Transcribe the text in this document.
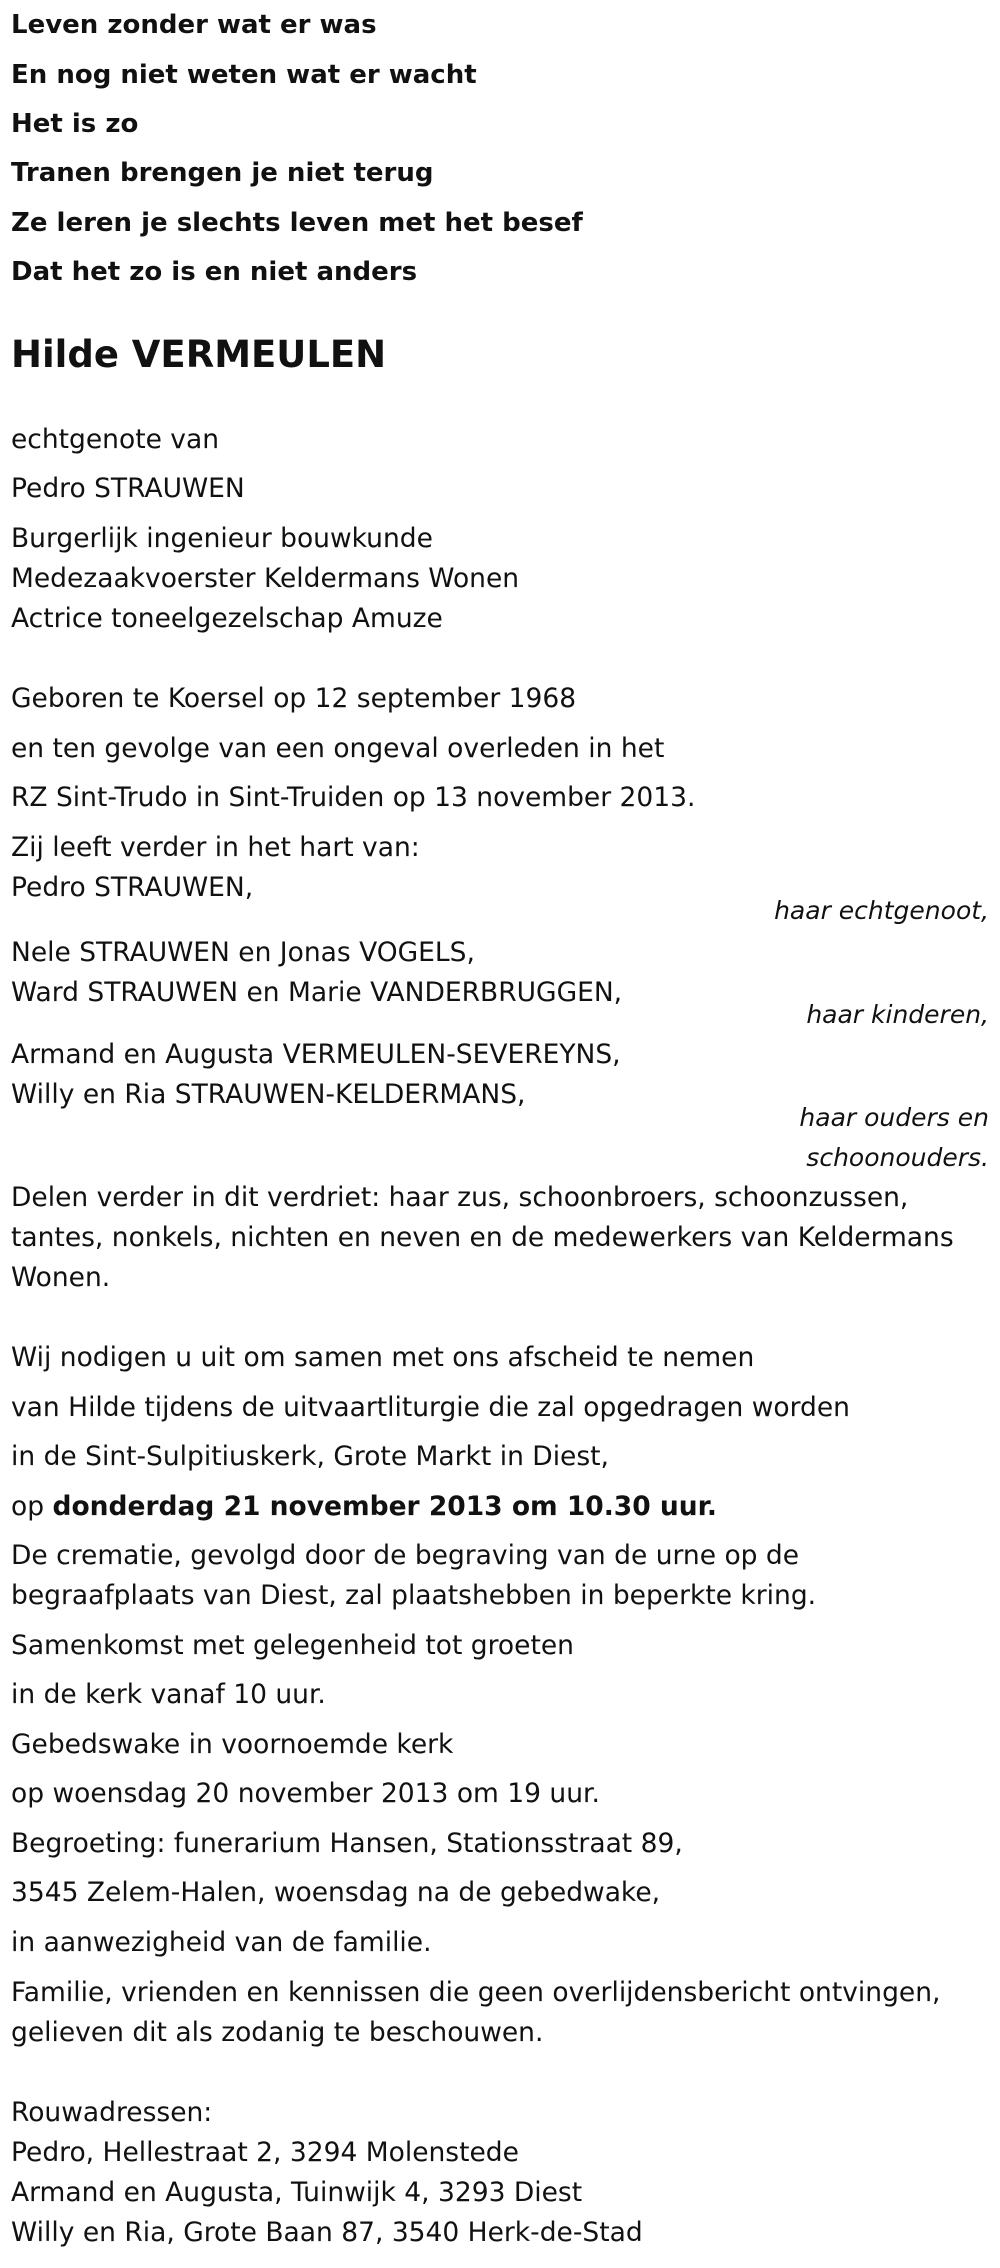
Leven zonder wat er was
En nog niet weten wat er wacht
Het is zo
Tranen brengen je niet terug
Ze leren je slechts leven met het besef
Dat het zo is en niet anders
Hilde VERMEULEN
echtgenote van
Pedro STRAUWEN
Burgerlijk ingenieur bouwkunde
Medezaakvoerster Keldermans Wonen
Actrice toneelgezelschap Amuze
Geboren te Koersel op 12 september 1968
en ten gevolge van een ongeval overleden in het
RZ Sint-Trudo in Sint-Truiden op 13 november 2013.
Zij leeft verder in het hart van:
Pedro STRAUWEN,
haar echtgenoot,
Nele STRAUWEN en Jonas VOGELS,
Ward STRAUWEN en Marie VANDERBRUGGEN,
haar kinderen,
Armand en Augusta VERMEULEN-SEVEREYNS,
Willy en Ria STRAUWEN-KELDERMANS,
haar ouders en
schoonouders.
Delen verder in dit verdriet: haar zus, schoonbroers, schoonzussen,
tantes, nonkels, nichten en neven en de medewerkers van Keldermans
Wonen.
Wij nodigen u uit om samen met ons afscheid te nemen
van Hilde tijdens de uitvaartliturgie die zal opgedragen worden
in de Sint-Sulpitiuskerk, Grote Markt in Diest,
op donderdag 21 november 2013 om 10.30 uur.
De crematie, gevolgd door de begraving van de urne op de
begraafplaats van Diest, zal plaatshebben in beperkte kring.
Samenkomst met gelegenheid tot groeten
in de kerk vanaf 10 uur.
Gebedswake in voornoemde kerk
op woensdag 20 november 2013 om 19 uur.
Begroeting: funerarium Hansen, Stationsstraat 89,
3545 Zelem-Halen, woensdag na de gebedwake,
in aanwezigheid van de familie.
Familie, vrienden en kennissen die geen overlijdensbericht ontvingen,
gelieven dit als zodanig te beschouwen.
Rouwadressen:
Pedro, Hellestraat 2, 3294 Molenstede
Armand en Augusta, Tuinwijk 4, 3293 Diest
Willy en Ria, Grote Baan 87, 3540 Herk-de-Stad
